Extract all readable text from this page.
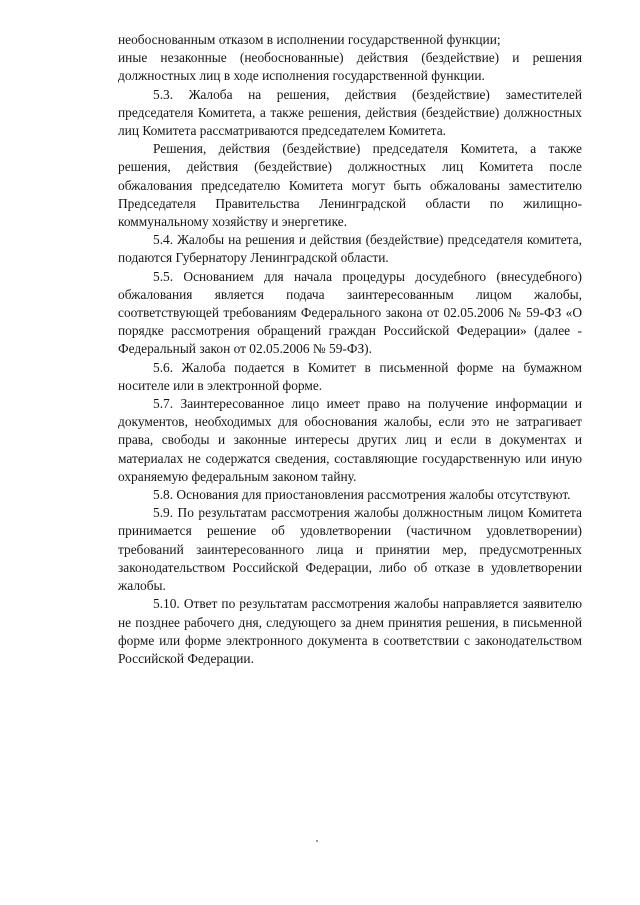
необоснованным отказом в исполнении государственной функции;

иные незаконные (необоснованные) действия (бездействие) и решения должностных лиц в ходе исполнения государственной функции.

5.3. Жалоба на решения, действия (бездействие) заместителей председателя Комитета, а также решения, действия (бездействие) должностных лиц Комитета рассматриваются председателем Комитета.

Решения, действия (бездействие) председателя Комитета, а также решения, действия (бездействие) должностных лиц Комитета после обжалования председателю Комитета могут быть обжалованы заместителю Председателя Правительства Ленинградской области по жилищно-коммунальному хозяйству и энергетике.

5.4. Жалобы на решения и действия (бездействие) председателя комитета, подаются Губернатору Ленинградской области.

5.5. Основанием для начала процедуры досудебного (внесудебного) обжалования является подача заинтересованным лицом жалобы, соответствующей требованиям Федерального закона от 02.05.2006 № 59-ФЗ «О порядке рассмотрения обращений граждан Российской Федерации» (далее - Федеральный закон от 02.05.2006 № 59-ФЗ).

5.6. Жалоба подается в Комитет в письменной форме на бумажном носителе или в электронной форме.

5.7. Заинтересованное лицо имеет право на получение информации и документов, необходимых для обоснования жалобы, если это не затрагивает права, свободы и законные интересы других лиц и если в документах и материалах не содержатся сведения, составляющие государственную или иную охраняемую федеральным законом тайну.

5.8. Основания для приостановления рассмотрения жалобы отсутствуют.

5.9. По результатам рассмотрения жалобы должностным лицом Комитета принимается решение об удовлетворении (частичном удовлетворении) требований заинтересованного лица и принятии мер, предусмотренных законодательством Российской Федерации, либо об отказе в удовлетворении жалобы.

5.10. Ответ по результатам рассмотрения жалобы направляется заявителю не позднее рабочего дня, следующего за днем принятия решения, в письменной форме или форме электронного документа в соответствии с законодательством Российской Федерации.
